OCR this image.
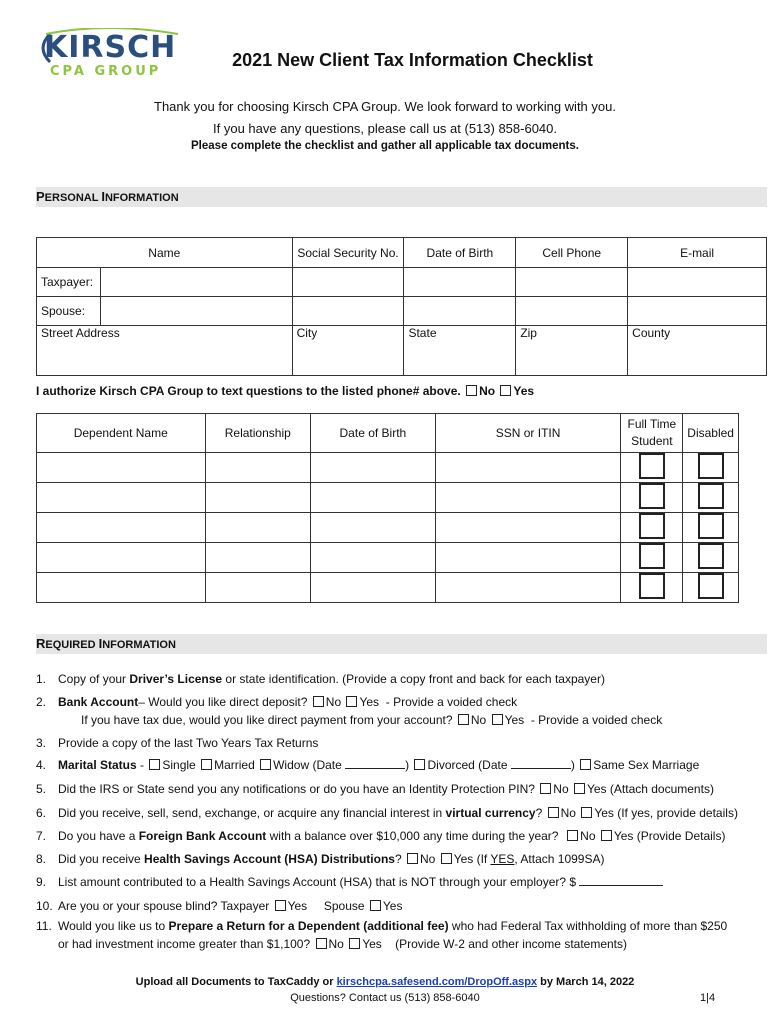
KIRSCH
CPA GROUP
2021 New Client Tax Information Checklist
Thank you for choosing Kirsch CPA Group. We look forward to working with you.
If you have any questions, please call us at (513) 858-6040.
Please complete the checklist and gather all applicable tax documents.
PERSONAL INFORMATION
Name		Social Security No.	Date of Birth	Cell Phone	E-mail
Taxpayer:					
Spouse:					
Street Address		City	State	Zip	County
I authorize Kirsch CPA Group to text questions to the listed phone# above. No Yes
Dependent Name	Relationship	Date of Birth	SSN or ITIN	Full Time Student	Disabled

REQUIRED INFORMATION
1. Copy of your Driver’s License or state identification. (Provide a copy front and back for each taxpayer)
2. Bank Account– Would you like direct deposit? No Yes - Provide a voided check
If you have tax due, would you like direct payment from your account? No Yes - Provide a voided check
3. Provide a copy of the last Two Years Tax Returns
4. Marital Status - Single Married Widow (Date	) Divorced (Date	) Same Sex Marriage
5. Did the IRS or State send you any notifications or do you have an Identity Protection PIN? No Yes (Attach documents)
6. Did you receive, sell, send, exchange, or acquire any financial interest in virtual currency? No Yes (If yes, provide details)
7. Do you have a Foreign Bank Account with a balance over $10,000 any time during the year? No Yes (Provide Details)
8. Did you receive Health Savings Account (HSA) Distributions? No Yes (If YES, Attach 1099SA)
9. List amount contributed to a Health Savings Account (HSA) that is NOT through your employer? $
10. Are you or your spouse blind? Taxpayer Yes Spouse Yes
11. Would you like us to Prepare a Return for a Dependent (additional fee) who had Federal Tax withholding of more than $250
or had investment income greater than $1,100? No Yes (Provide W-2 and other income statements)
Upload all Documents to TaxCaddy or kirschcpa.safesend.com/DropOff.aspx by March 14, 2022
Questions? Contact us (513) 858-6040	1|4
